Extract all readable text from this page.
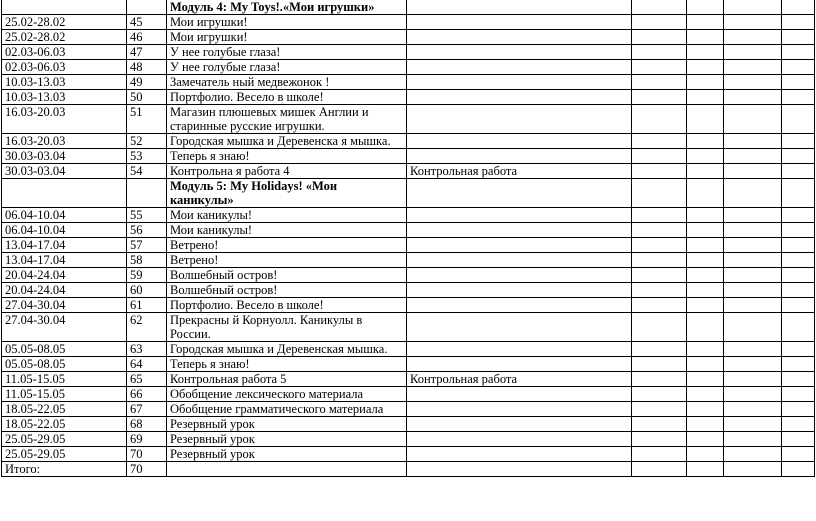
		Модуль 4: My Toys!.«Мои игрушки»					
25.02-28.02	45	Мои игрушки!					
25.02-28.02	46	Мои игрушки!					
02.03-06.03	47	У нее голубые глаза!					
02.03-06.03	48	У нее голубые глаза!					
10.03-13.03	49	Замечатель ный медвежонок !					
10.03-13.03	50	Портфолио. Весело в школе!					
16.03-20.03	51	Магазин плюшевых мишек Англии и старинные русские игрушки.					
16.03-20.03	52	Городская мышка и Деревенска я мышка.					
30.03-03.04	53	Теперь я знаю!					
30.03-03.04	54	Контрольна я работа 4	Контрольная работа				
		Модуль 5: My Holidays! «Мои каникулы»					
06.04-10.04	55	Мои каникулы!					
06.04-10.04	56	Мои каникулы!					
13.04-17.04	57	Ветрено!					
13.04-17.04	58	Ветрено!					
20.04-24.04	59	Волшебный остров!					
20.04-24.04	60	Волшебный остров!					
27.04-30.04	61	Портфолио. Весело в школе!					
27.04-30.04	62	Прекрасны й Корнуолл. Каникулы в России.					
05.05-08.05	63	Городская мышка и Деревенская мышка.					
05.05-08.05	64	Теперь я знаю!					
11.05-15.05	65	Контрольная работа 5	Контрольная работа				
11.05-15.05	66	Обобщение лексического материала					
18.05-22.05	67	Обобщение грамматического материала					
18.05-22.05	68	Резервный урок					
25.05-29.05	69	Резервный урок					
25.05-29.05	70	Резервный урок					
Итого:	70						
